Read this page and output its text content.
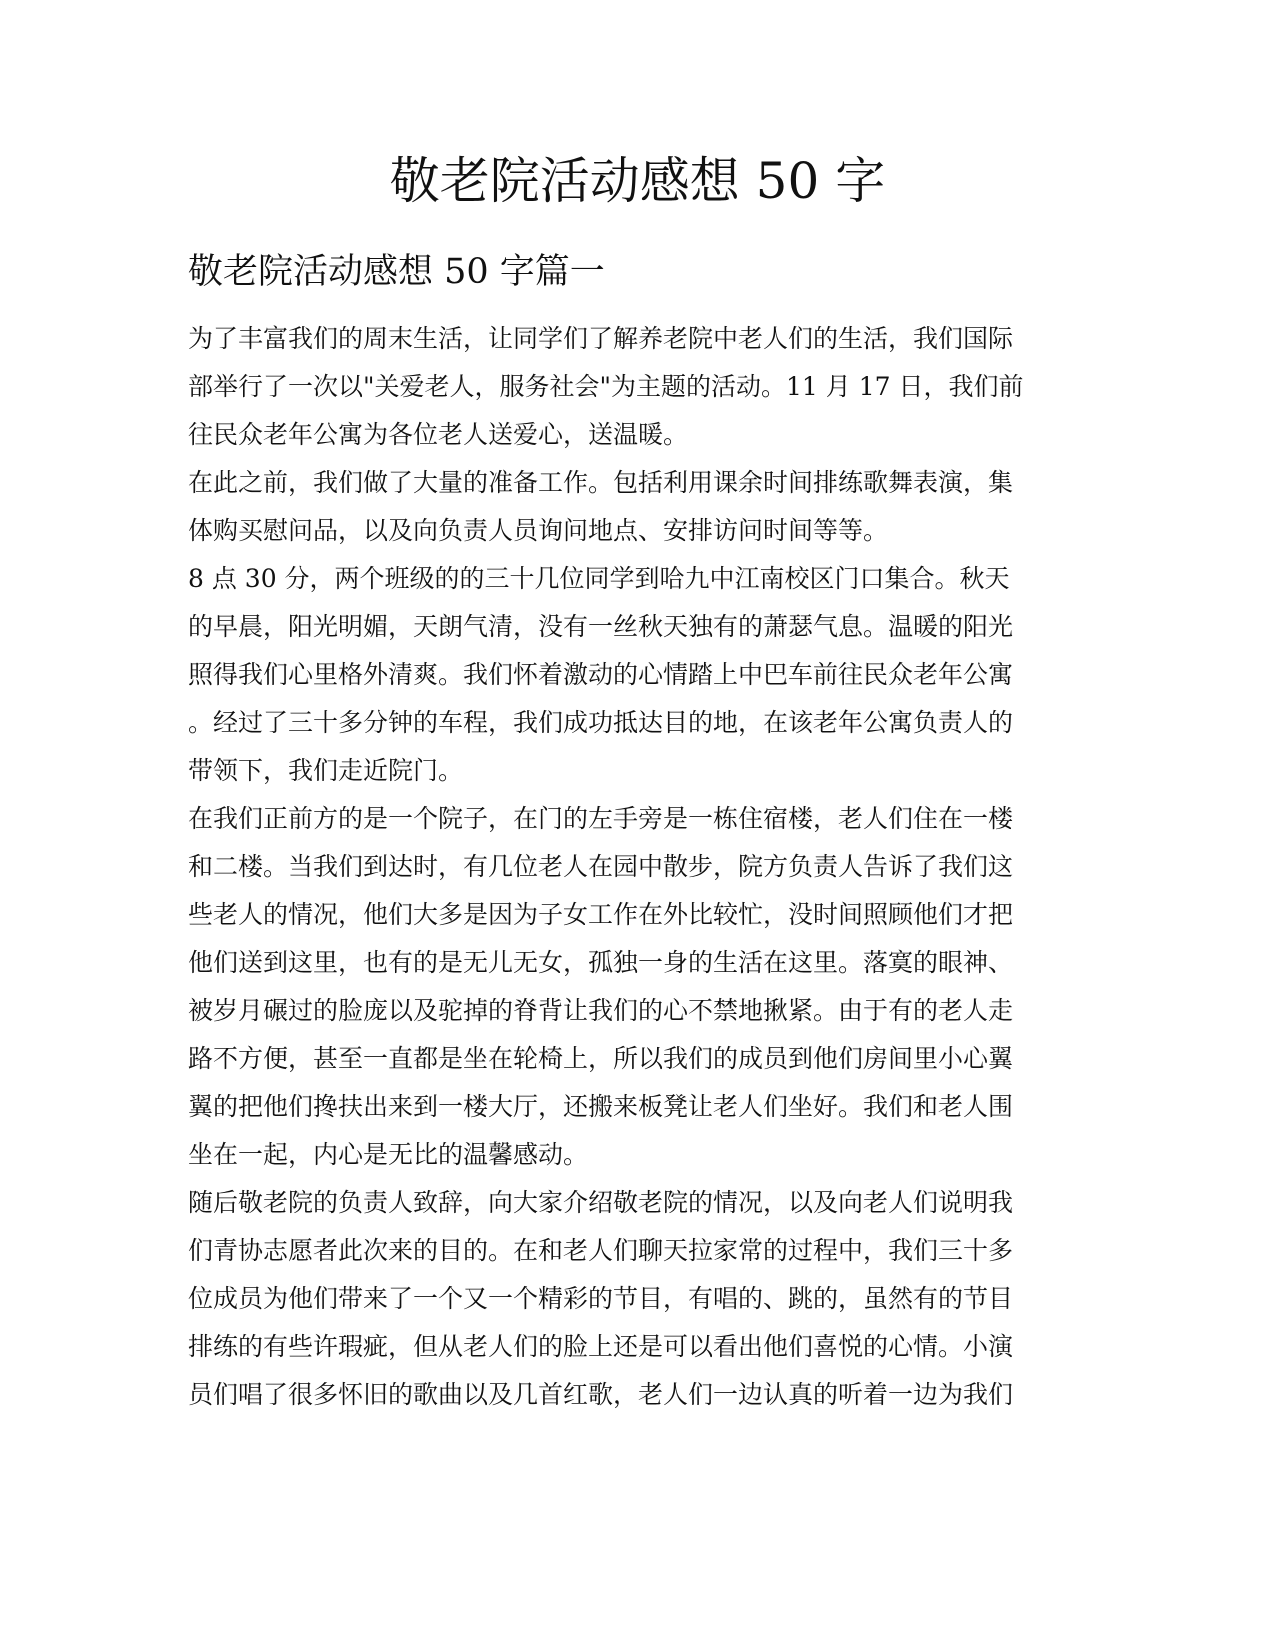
敬老院活动感想 50 字
敬老院活动感想 50 字篇一
为了丰富我们的周末生活，让同学们了解养老院中老人们的生活，我们国际
部举行了一次以"关爱老人，服务社会"为主题的活动。11 月 17 日，我们前
往民众老年公寓为各位老人送爱心，送温暖。
在此之前，我们做了大量的准备工作。包括利用课余时间排练歌舞表演，集
体购买慰问品，以及向负责人员询问地点、安排访问时间等等。
8 点 30 分，两个班级的的三十几位同学到哈九中江南校区门口集合。秋天
的早晨，阳光明媚，天朗气清，没有一丝秋天独有的萧瑟气息。温暖的阳光
照得我们心里格外清爽。我们怀着激动的心情踏上中巴车前往民众老年公寓
。经过了三十多分钟的车程，我们成功抵达目的地，在该老年公寓负责人的
带领下，我们走近院门。
在我们正前方的是一个院子，在门的左手旁是一栋住宿楼，老人们住在一楼
和二楼。当我们到达时，有几位老人在园中散步，院方负责人告诉了我们这
些老人的情况，他们大多是因为子女工作在外比较忙，没时间照顾他们才把
他们送到这里，也有的是无儿无女，孤独一身的生活在这里。落寞的眼神、
被岁月碾过的脸庞以及驼掉的脊背让我们的心不禁地揪紧。由于有的老人走
路不方便，甚至一直都是坐在轮椅上，所以我们的成员到他们房间里小心翼
翼的把他们搀扶出来到一楼大厅，还搬来板凳让老人们坐好。我们和老人围
坐在一起，内心是无比的温馨感动。
随后敬老院的负责人致辞，向大家介绍敬老院的情况，以及向老人们说明我
们青协志愿者此次来的目的。在和老人们聊天拉家常的过程中，我们三十多
位成员为他们带来了一个又一个精彩的节目，有唱的、跳的，虽然有的节目
排练的有些许瑕疵，但从老人们的脸上还是可以看出他们喜悦的心情。小演
员们唱了很多怀旧的歌曲以及几首红歌，老人们一边认真的听着一边为我们
